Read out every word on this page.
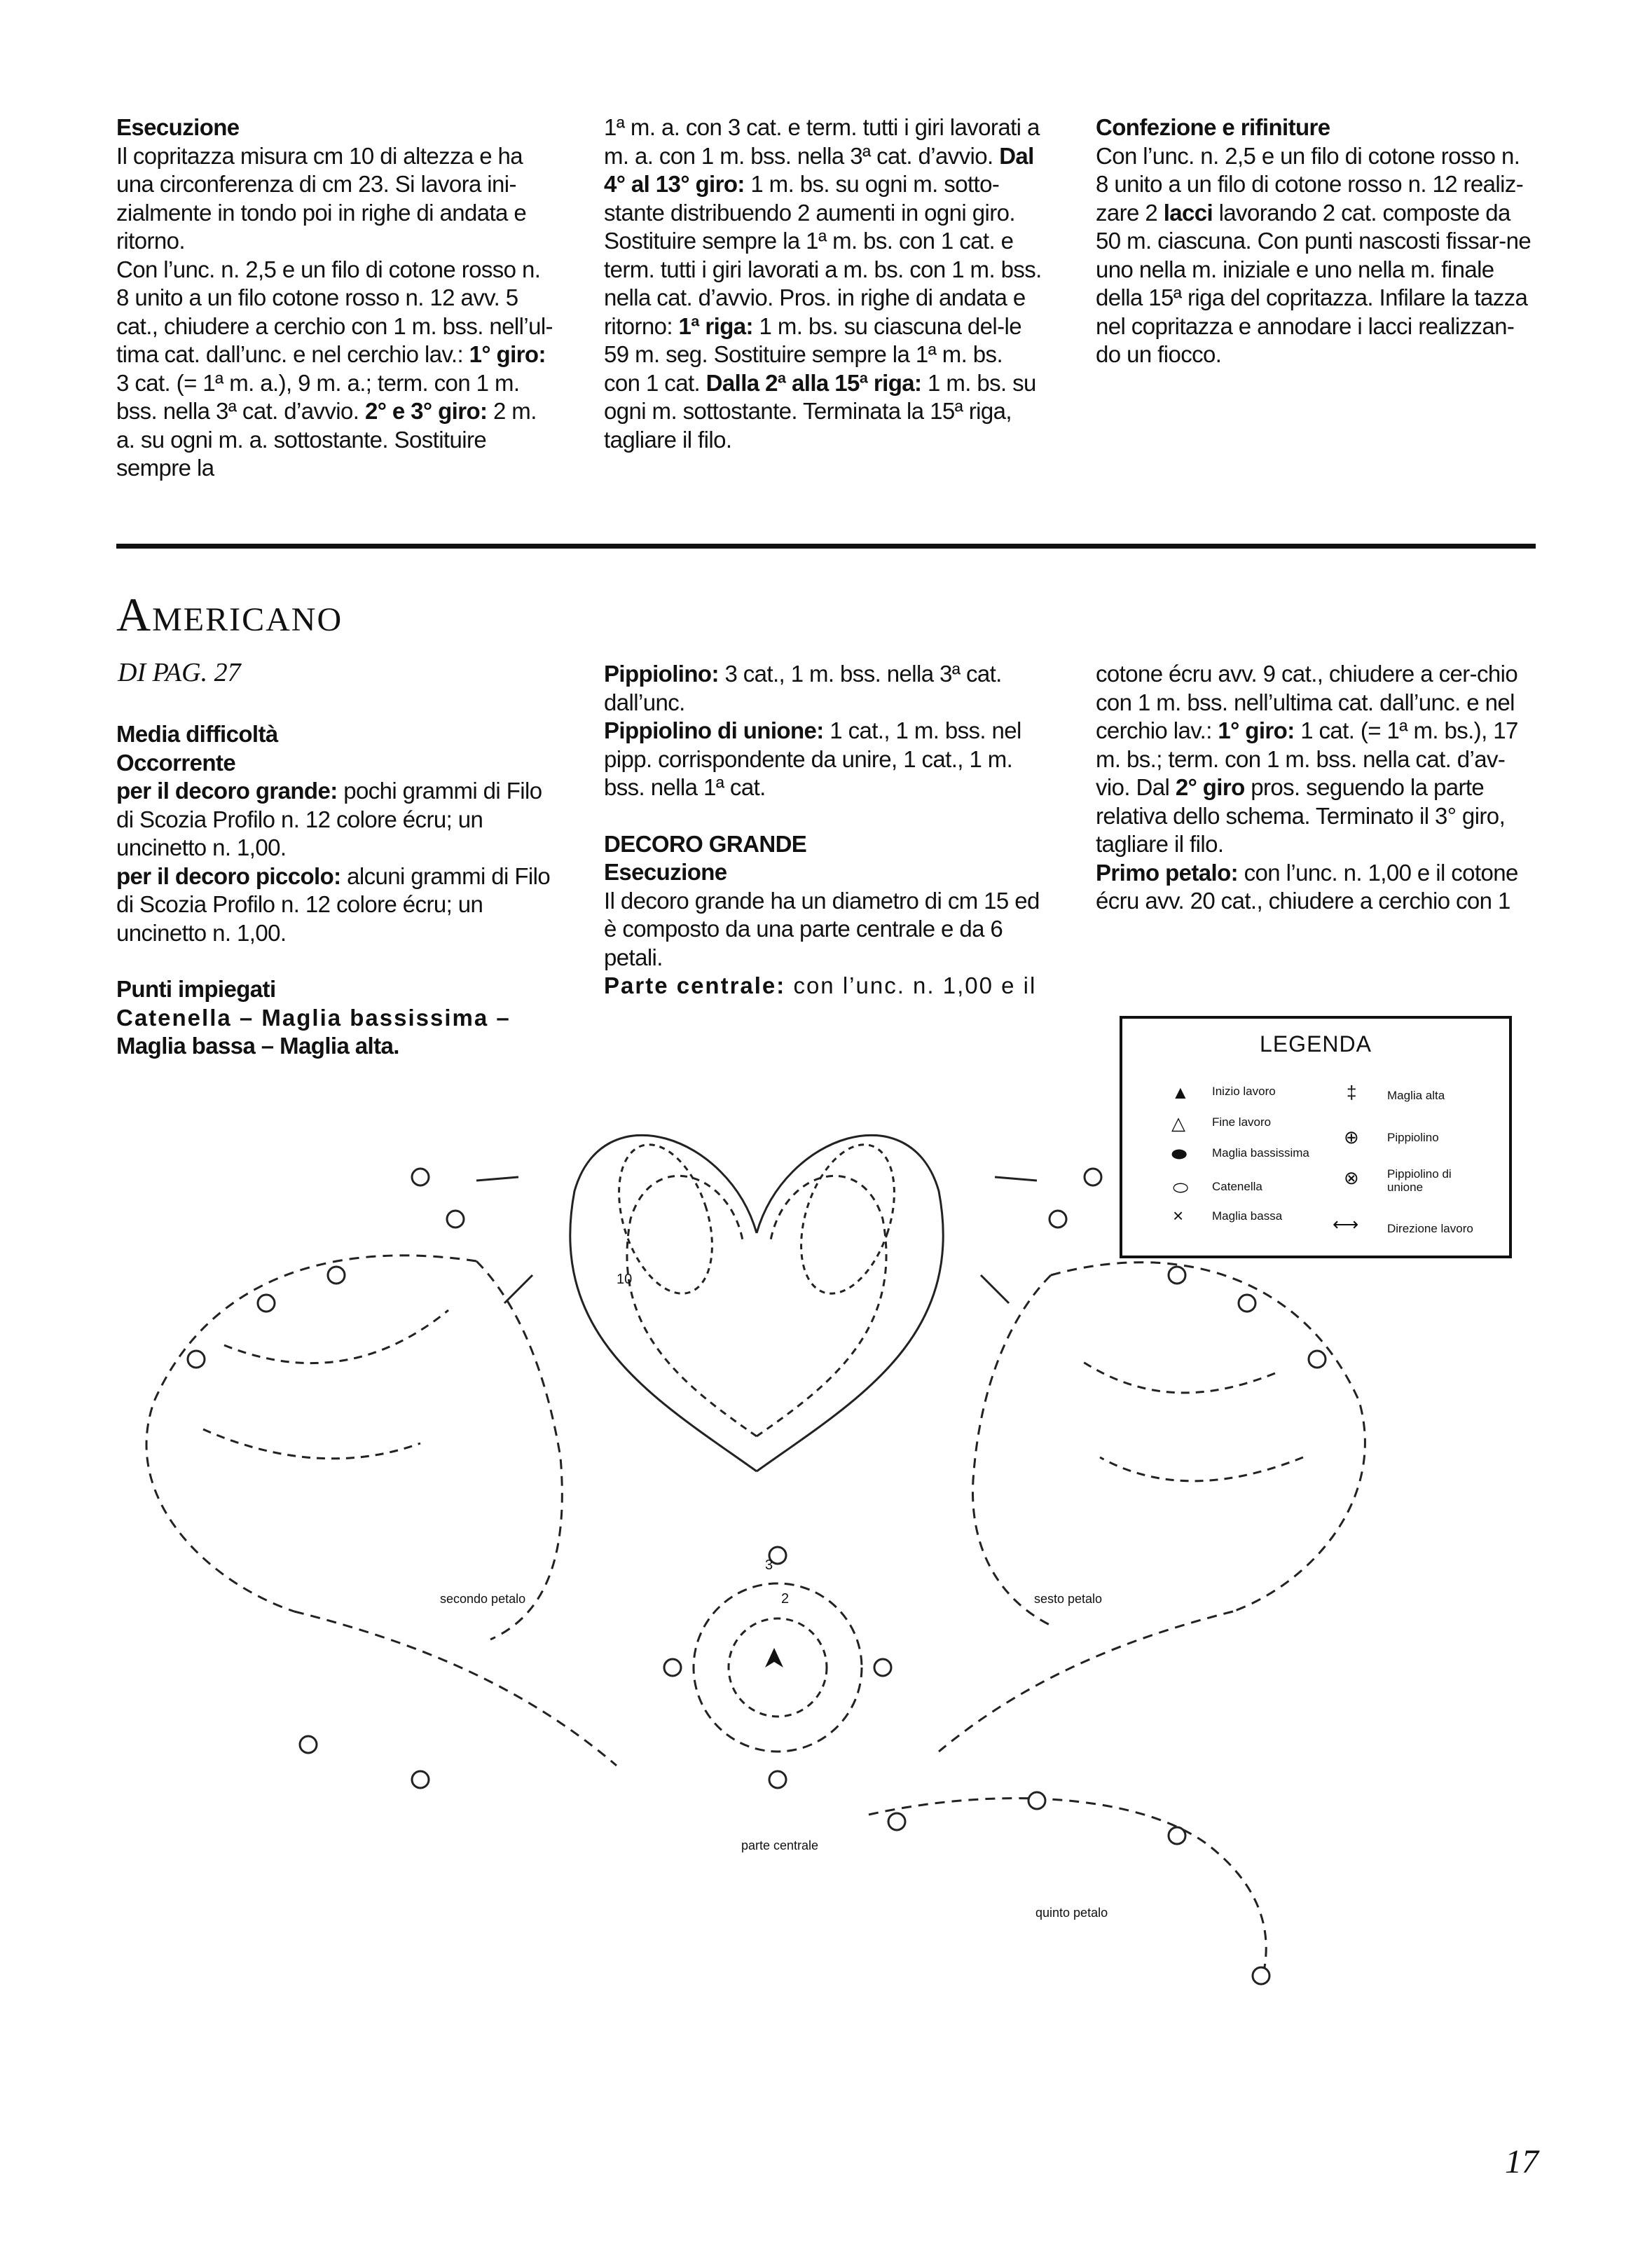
Esecuzione

Il copritazza misura cm 10 di altezza e ha una circonferenza di cm 23. Si lavora ini-zialmente in tondo poi in righe di andata e ritorno.

Con l’unc. n. 2,5 e un filo di cotone rosso n. 8 unito a un filo cotone rosso n. 12 avv. 5 cat., chiudere a cerchio con 1 m. bss. nell’ul-tima cat. dall’unc. e nel cerchio lav.: 1° giro: 3 cat. (= 1ª m. a.), 9 m. a.; term. con 1 m. bss. nella 3ª cat. d’avvio. 2° e 3° giro: 2 m. a. su ogni m. a. sottostante. Sostituire sempre la

1ª m. a. con 3 cat. e term. tutti i giri lavorati a m. a. con 1 m. bss. nella 3ª cat. d’avvio. Dal 4° al 13° giro: 1 m. bs. su ogni m. sotto-stante distribuendo 2 aumenti in ogni giro. Sostituire sempre la 1ª m. bs. con 1 cat. e term. tutti i giri lavorati a m. bs. con 1 m. bss. nella cat. d’avvio. Pros. in righe di andata e ritorno: 1ª riga: 1 m. bs. su ciascuna del-le 59 m. seg. Sostituire sempre la 1ª m. bs. con 1 cat. Dalla 2ª alla 15ª riga: 1 m. bs. su ogni m. sottostante. Terminata la 15ª riga, tagliare il filo.

Confezione e rifiniture

Con l’unc. n. 2,5 e un filo di cotone rosso n. 8 unito a un filo di cotone rosso n. 12 realiz-zare 2 lacci lavorando 2 cat. composte da 50 m. ciascuna. Con punti nascosti fissar-ne uno nella m. iniziale e uno nella m. finale della 15ª riga del copritazza. Infilare la tazza nel copritazza e annodare i lacci realizzan-do un fiocco.

Americano
DI PAG. 27

Media difficoltà

Occorrente

per il decoro grande: pochi grammi di Filo di Scozia Profilo n. 12 colore écru; un uncinetto n. 1,00.

per il decoro piccolo: alcuni grammi di Filo di Scozia Profilo n. 12 colore écru; un uncinetto n. 1,00.

Punti impiegati

Catenella – Maglia bassissima –

Maglia bassa – Maglia alta.

Pippiolino: 3 cat., 1 m. bss. nella 3ª cat. dall’unc.

Pippiolino di unione: 1 cat., 1 m. bss. nel pipp. corrispondente da unire, 1 cat., 1 m. bss. nella 1ª cat.

DECORO GRANDE

Esecuzione

Il decoro grande ha un diametro di cm 15 ed è composto da una parte centrale e da 6 petali.

Parte centrale: con l’unc. n. 1,00 e il

cotone écru avv. 9 cat., chiudere a cer-chio con 1 m. bss. nell’ultima cat. dall’unc. e nel cerchio lav.: 1° giro: 1 cat. (= 1ª m. bs.), 17 m. bs.; term. con 1 m. bss. nella cat. d’av-vio. Dal 2° giro pros. seguendo la parte relativa dello schema. Terminato il 3° giro, tagliare il filo.

Primo petalo: con l’unc. n. 1,00 e il cotone écru avv. 20 cat., chiudere a cerchio con 1

LEGENDA
▲ Inizio lavoro
△ Fine lavoro
⬬ Maglia bassissima
⬭ Catenella
× Maglia bassa
‡	Maglia alta
⊕ Pippiolino
⊗ Pippiolino di unione
⟷ Direzione lavoro
10
3
2
secondo petalo	sesto petalo
parte centrale
quinto petalo
17
